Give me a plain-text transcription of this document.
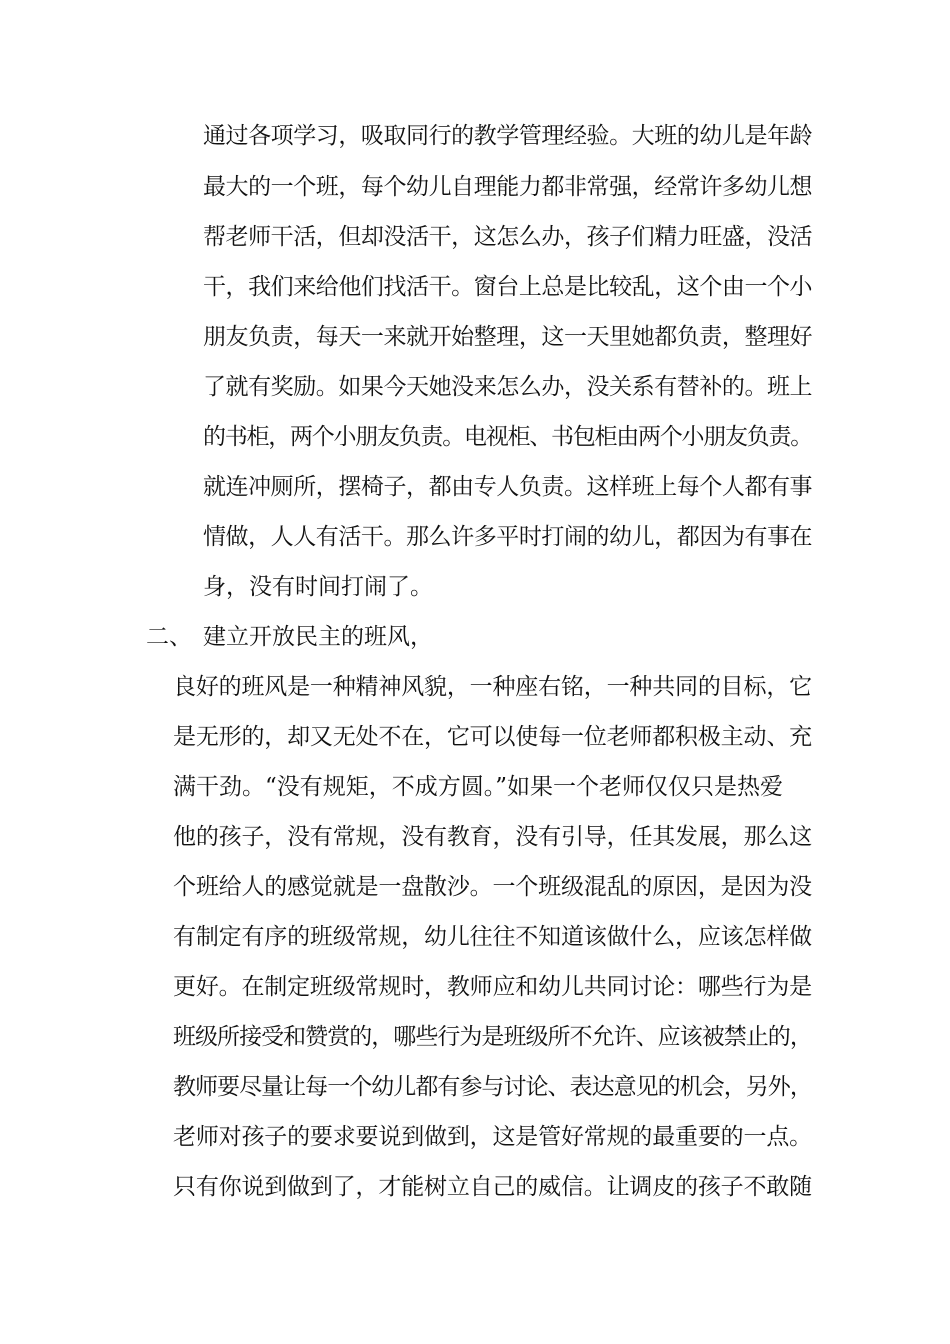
通过各项学习，吸取同行的教学管理经验。大班的幼儿是年龄
最大的一个班，每个幼儿自理能力都非常强，经常许多幼儿想
帮老师干活，但却没活干，这怎么办，孩子们精力旺盛，没活
干，我们来给他们找活干。窗台上总是比较乱，这个由一个小
朋友负责，每天一来就开始整理，这一天里她都负责，整理好
了就有奖励。如果今天她没来怎么办，没关系有替补的。班上
的书柜，两个小朋友负责。电视柜、书包柜由两个小朋友负责。
就连冲厕所，摆椅子，都由专人负责。这样班上每个人都有事
情做，人人有活干。那么许多平时打闹的幼儿，都因为有事在
身，没有时间打闹了。
二、 建立开放民主的班风，
良好的班风是一种精神风貌，一种座右铭，一种共同的目标，它
是无形的，却又无处不在，它可以使每一位老师都积极主动、充
满干劲。“没有规矩，不成方圆。”如果一个老师仅仅只是热爱
他的孩子，没有常规，没有教育，没有引导，任其发展，那么这
个班给人的感觉就是一盘散沙。一个班级混乱的原因，是因为没
有制定有序的班级常规，幼儿往往不知道该做什么，应该怎样做
更好。在制定班级常规时，教师应和幼儿共同讨论：哪些行为是
班级所接受和赞赏的，哪些行为是班级所不允许、应该被禁止的，
教师要尽量让每一个幼儿都有参与讨论、表达意见的机会，另外，
老师对孩子的要求要说到做到，这是管好常规的最重要的一点。
只有你说到做到了，才能树立自己的威信。让调皮的孩子不敢随
